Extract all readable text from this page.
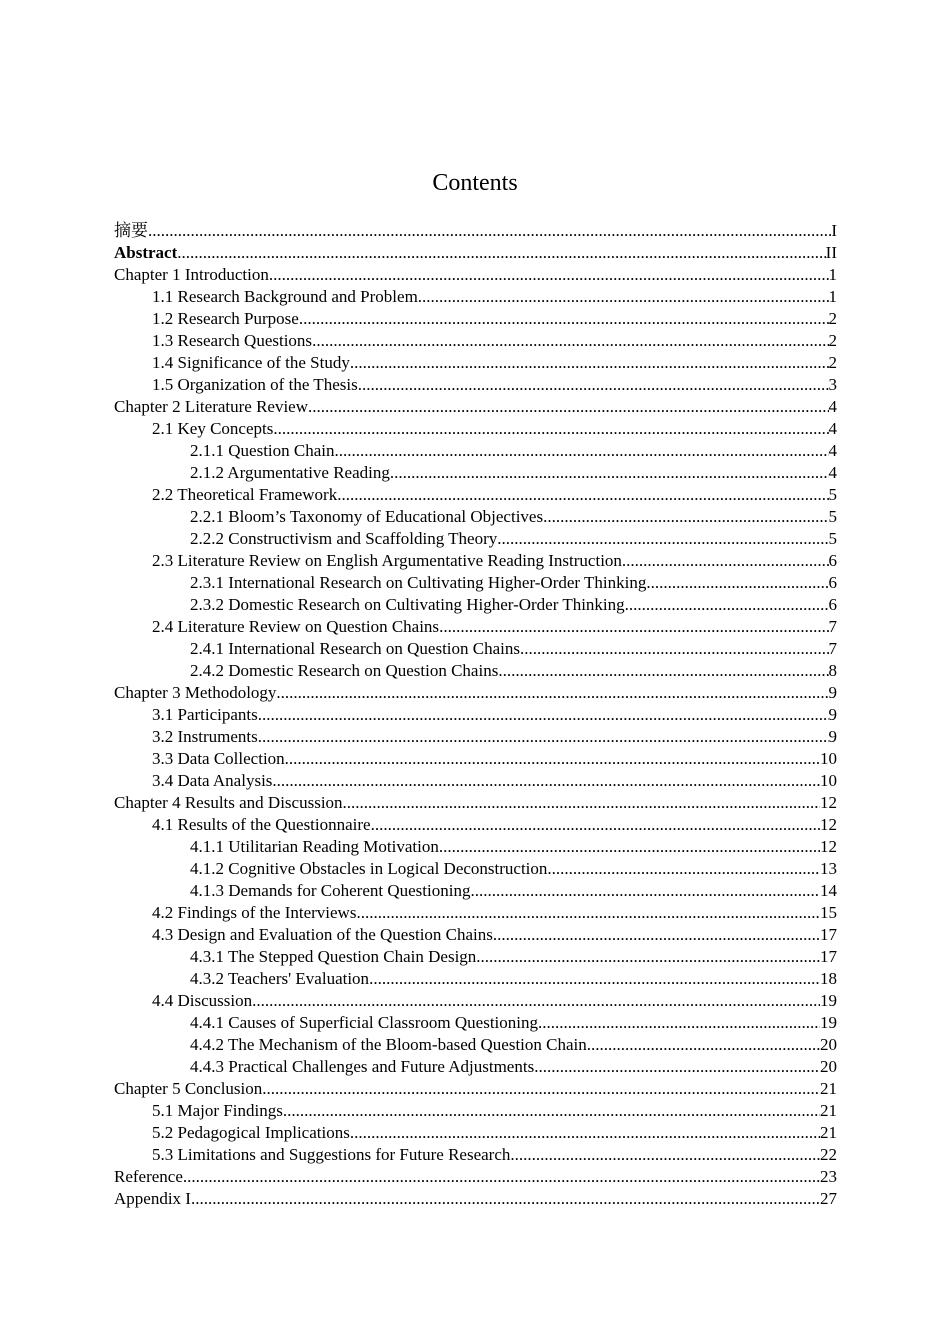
Contents
摘要 .....	I
Abstract .....	II
Chapter 1 Introduction .....	1
1.1 Research Background and Problem .....	1
1.2 Research Purpose .....	2
1.3 Research Questions .....	2
1.4 Significance of the Study .....	2
1.5 Organization of the Thesis .....	3
Chapter 2 Literature Review .....	4
2.1 Key Concepts .....	4
2.1.1 Question Chain .....	4
2.1.2 Argumentative Reading .....	4
2.2 Theoretical Framework .....	5
2.2.1 Bloom’s Taxonomy of Educational Objectives .....	5
2.2.2 Constructivism and Scaffolding Theory .....	5
2.3 Literature Review on English Argumentative Reading Instruction .....	6
2.3.1 International Research on Cultivating Higher-Order Thinking .....	6
2.3.2 Domestic Research on Cultivating Higher-Order Thinking .....	6
2.4 Literature Review on Question Chains .....	7
2.4.1 International Research on Question Chains .....	7
2.4.2 Domestic Research on Question Chains .....	8
Chapter 3 Methodology .....	9
3.1 Participants .....	9
3.2 Instruments .....	9
3.3 Data Collection .....	10
3.4 Data Analysis .....	10
Chapter 4 Results and Discussion .....	12
4.1 Results of the Questionnaire .....	12
4.1.1 Utilitarian Reading Motivation .....	12
4.1.2 Cognitive Obstacles in Logical Deconstruction .....	13
4.1.3 Demands for Coherent Questioning .....	14
4.2 Findings of the Interviews .....	15
4.3 Design and Evaluation of the Question Chains .....	17
4.3.1 The Stepped Question Chain Design .....	17
4.3.2 Teachers' Evaluation .....	18
4.4 Discussion .....	19
4.4.1 Causes of Superficial Classroom Questioning .....	19
4.4.2 The Mechanism of the Bloom-based Question Chain .....	20
4.4.3 Practical Challenges and Future Adjustments .....	20
Chapter 5 Conclusion .....	21
5.1 Major Findings .....	21
5.2 Pedagogical Implications .....	21
5.3 Limitations and Suggestions for Future Research .....	22
Reference .....	23
Appendix I .....	27
